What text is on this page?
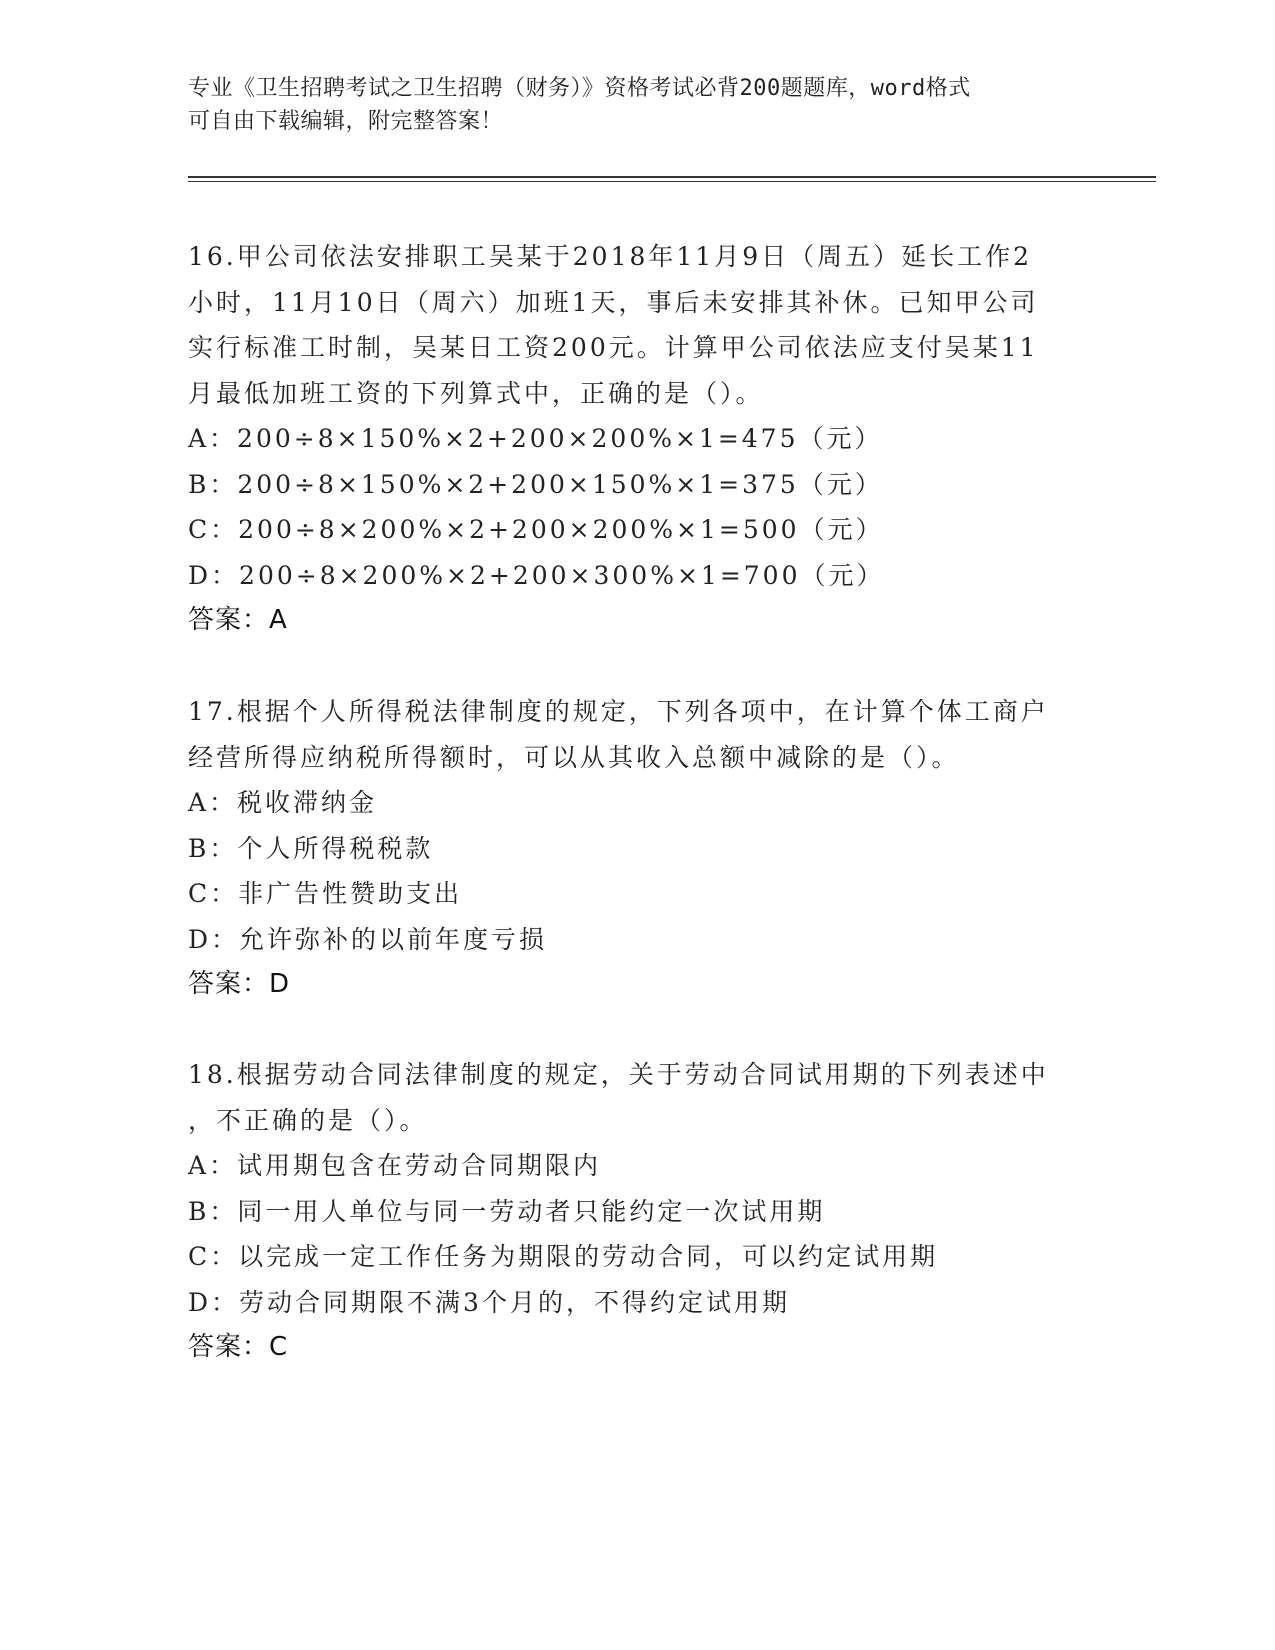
专业《卫生招聘考试之卫生招聘（财务）》资格考试必背200题题库，word格式
可自由下载编辑，附完整答案！
16.甲公司依法安排职工吴某于2018年11月9日（周五）延长工作2
小时，11月10日（周六）加班1天，事后未安排其补休。已知甲公司
实行标准工时制，吴某日工资200元。计算甲公司依法应支付吴某11
月最低加班工资的下列算式中，正确的是（）。
A：200÷8×150%×2+200×200%×1=475（元）
B：200÷8×150%×2+200×150%×1=375（元）
C：200÷8×200%×2+200×200%×1=500（元）
D：200÷8×200%×2+200×300%×1=700（元）
答案：A
17.根据个人所得税法律制度的规定，下列各项中，在计算个体工商户
经营所得应纳税所得额时，可以从其收入总额中减除的是（）。
A：税收滞纳金
B：个人所得税税款
C：非广告性赞助支出
D：允许弥补的以前年度亏损
答案：D
18.根据劳动合同法律制度的规定，关于劳动合同试用期的下列表述中
，不正确的是（）。
A：试用期包含在劳动合同期限内
B：同一用人单位与同一劳动者只能约定一次试用期
C：以完成一定工作任务为期限的劳动合同，可以约定试用期
D：劳动合同期限不满3个月的，不得约定试用期
答案：C
